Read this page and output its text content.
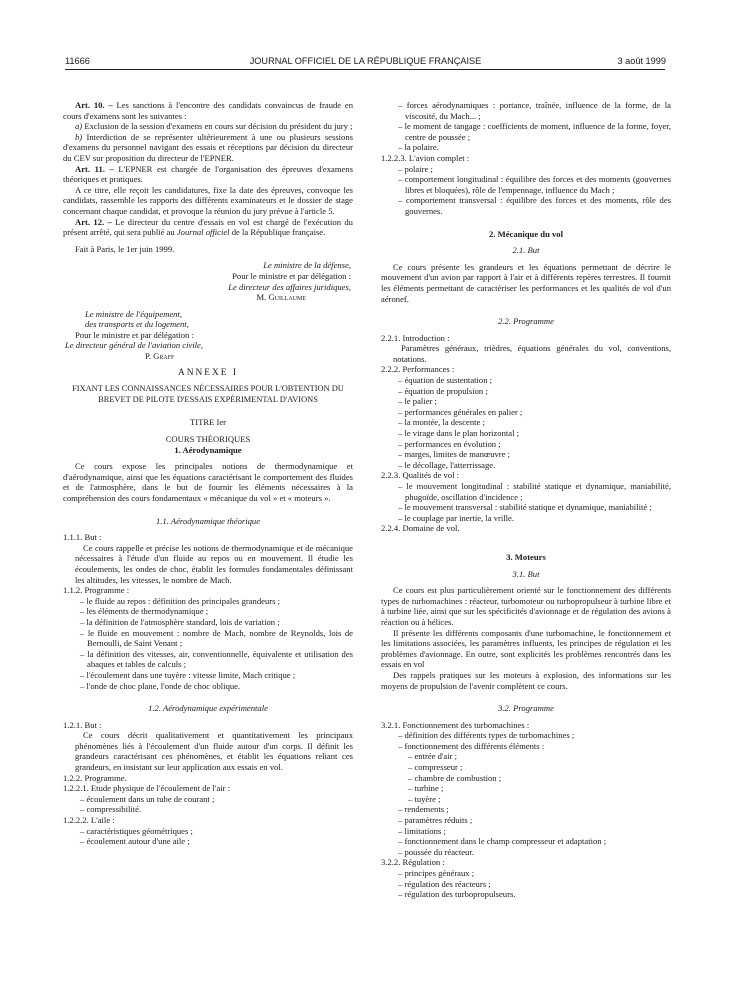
11666	JOURNAL OFFICIEL DE LA RÉPUBLIQUE FRANÇAISE	3 août 1999

Art. 10. – Les sanctions à l'encontre des candidats convaincus de fraude en cours d'examens sont les suivantes :

a) Exclusion de la session d'examens en cours sur décision du président du jury ;

b) Interdiction de se représenter ultérieurement à une ou plusieurs sessions d'examens du personnel navigant des essais et réceptions par décision du directeur du CEV sur proposition du directeur de l'EPNER.

Art. 11. – L'EPNER est chargée de l'organisation des épreuves d'examens théoriques et pratiques.

A ce titre, elle reçoit les candidatures, fixe la date des épreuves, convoque les candidats, rassemble les rapports des différents examinateurs et le dossier de stage concernant chaque candidat, et provoque la réunion du jury prévue à l'article 5.

Art. 12. – Le directeur du centre d'essais en vol est chargé de l'exécution du présent arrêté, qui sera publié au Journal officiel de la République française.

Fait à Paris, le 1er juin 1999.

Le ministre de la défense,
Pour le ministre et par délégation :
Le directeur des affaires juridiques,
M. Guillaume
Le ministre de l'équipement,
des transports et du logement,
Pour le ministre et par délégation :
Le directeur général de l'aviation civile,
P. Graff
ANNEXE I
FIXANT LES CONNAISSANCES NÉCESSAIRES POUR L'OBTENTION DU BREVET DE PILOTE D'ESSAIS EXPÉRIMENTAL D'AVIONS
TITRE Ier
COURS THÉORIQUES
1. Aérodynamique

Ce cours expose les principales notions de thermodynamique et d'aérodynamique, ainsi que les équations caractérisant le comportement des fluides et de l'atmosphère, dans le but de fournir les éléments nécessaires à la compréhension des cours fondamentaux « mécanique du vol » et « moteurs ».

1.1. Aérodynamique théorique
1.1.1. But :

Ce cours rappelle et précise les notions de thermodynamique et de mécanique nécessaires à l'étude d'un fluide au repos ou en mouvement. Il étudie les écoulements, les ondes de choc, établit les formules fondamentales définissant les altitudes, les vitesses, le nombre de Mach.

1.1.2. Programme :
– le fluide au repos : définition des principales grandeurs ;
– les éléments de thermodynamique ;
– la définition de l'atmosphère standard, lois de variation ;
– le fluide en mouvement : nombre de Mach, nombre de Reynolds, lois de Bernoulli, de Saint Venant ;
– la définition des vitesses, air, conventionnelle, équivalente et utilisation des abaques et tables de calculs ;
– l'écoulement dans une tuyère : vitesse limite, Mach critique ;
– l'onde de choc plane, l'onde de choc oblique.
1.2. Aérodynamique expérimentale
1.2.1. But :

Ce cours décrit qualitativement et quantitativement les principaux phénomènes liés à l'écoulement d'un fluide autour d'un corps. Il définit les grandeurs caractérisant ces phénomènes, et établit les équations reliant ces grandeurs, en insistant sur leur application aux essais en vol.

1.2.2. Programme.
1.2.2.1. Etude physique de l'écoulement de l'air :
– écoulement dans un tube de courant ;
– compressibilité.
1.2.2.2. L'aile :
– caractéristiques géométriques ;
– écoulement autour d'une aile ;
– forces aérodynamiques : portance, traînée, influence de la forme, de la viscosité, du Mach... ;
– le moment de tangage : coefficients de moment, influence de la forme, foyer, centre de poussée ;
– la polaire.
1.2.2.3. L'avion complet :
– polaire ;
– comportement longitudinal : équilibre des forces et des moments (gouvernes libres et bloquées), rôle de l'empennage, influence du Mach ;
– comportement transversal : équilibre des forces et des moments, rôle des gouvernes.
2. Mécanique du vol
2.1. But

Ce cours présente les grandeurs et les équations permettant de décrire le mouvement d'un avion par rapport à l'air et à différents repères terrestres. Il fournit les éléments permettant de caractériser les performances et les qualités de vol d'un aéronef.

2.2. Programme
2.2.1. Introduction :

Paramètres généraux, trièdres, équations générales du vol, conventions, notations.

2.2.2. Performances :
– équation de sustentation ;
– équation de propulsion ;
– le palier ;
– performances générales en palier ;
– la montée, la descente ;
– le virage dans le plan horizontal ;
– performances en évolution ;
– marges, limites de manœuvre ;
– le décollage, l'atterrissage.
2.2.3. Qualités de vol :
– le mouvement longitudinal : stabilité statique et dynamique, maniabilité, phugoïde, oscillation d'incidence ;
– le mouvement transversal : stabilité statique et dynamique, maniabilité ;
– le couplage par inertie, la vrille.
2.2.4. Domaine de vol.
3. Moteurs
3.1. But

Ce cours est plus particulièrement orienté sur le fonctionnement des différents types de turbomachines : réacteur, turbomoteur ou turbopropulseur à turbine libre et à turbine liée, ainsi que sur les spécificités d'avionnage et de régulation des avions à réaction ou à hélices.

Il présente les différents composants d'une turbomachine, le fonctionnement et les limitations associées, les paramètres influents, les principes de régulation et les problèmes d'avionnage. En outre, sont explicités les problèmes rencontrés dans les essais en vol

Des rappels pratiques sur les moteurs à explosion, des informations sur les moyens de propulsion de l'avenir complètent ce cours.

3.2. Programme
3.2.1. Fonctionnement des turbomachines :
– définition des différents types de turbomachines ;
– fonctionnement des différents éléments :
– entrée d'air ;
– compresseur ;
– chambre de combustion ;
– turbine ;
– tuyère ;
– rendements ;
– paramètres réduits ;
– limitations ;
– fonctionnement dans le champ compresseur et adaptation ;
– poussée du réacteur.
3.2.2. Régulation :
– principes généraux ;
– régulation des réacteurs ;
– régulation des turbopropulseurs.
